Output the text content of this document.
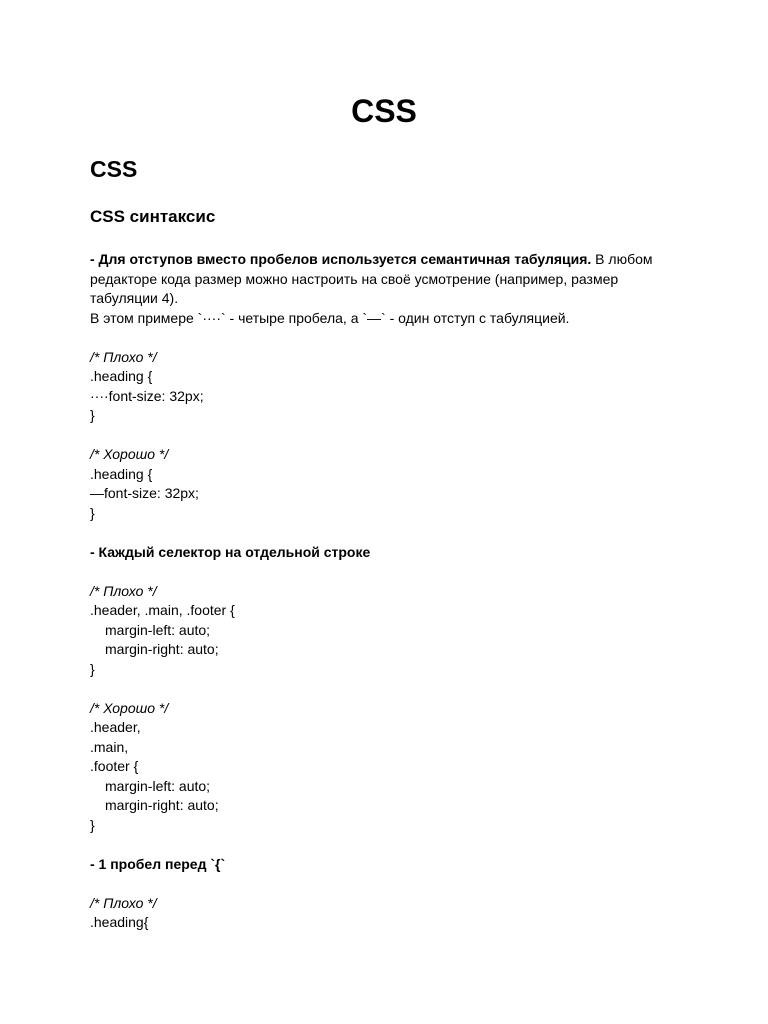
CSS
CSS
CSS синтаксис
- Для отступов вместо пробелов используется семантичная табуляция. В любом редакторе кода размер можно настроить на своё усмотрение (например, размер табуляции 4).
В этом примере `····` - четыре пробела, а `—` - один отступ с табуляцией.
/* Плохо */
.heading {
····font-size: 32px;
}
/* Хорошо */
.heading {
—font-size: 32px;
}
- Каждый селектор на отдельной строке
/* Плохо */
.header, .main, .footer {
margin-left: auto;
margin-right: auto;
}
/* Хорошо */
.header,
.main,
.footer {
margin-left: auto;
margin-right: auto;
}
- 1 пробел перед `{`
/* Плохо */
.heading{
